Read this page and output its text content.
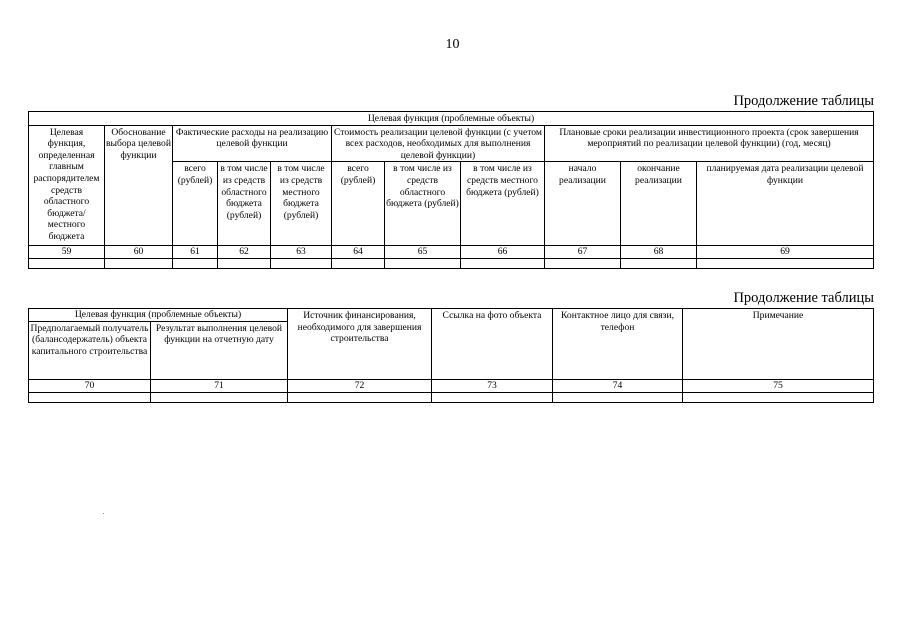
10
Продолжение таблицы
Целевая функция (проблемные объекты)										
Целевая функция, определенная главным распорядителем средств областного бюджета/ местного бюджета	Обоснование выбора целевой функции	Фактические расходы на реализацию целевой функции			Стоимость реализации целевой функции (с учетом всех расходов, необходимых для выполнения целевой функции)			Плановые сроки реализации инвестиционного проекта (срок завершения мероприятий по реализации целевой функции) (год, месяц)		
		всего (рублей)	в том числе из средств областного бюджета (рублей)	в том числе из средств местного бюджета (рублей)	всего (рублей)	в том числе из средств областного бюджета (рублей)	в том числе из средств местного бюджета (рублей)	начало реализации	окончание реализации	планируемая дата реализации целевой функции
59	60	61	62	63	64	65	66	67	68	69

Продолжение таблицы
Целевая функция (проблемные объекты)		Источник финансирования, необходимого для завершения строительства	Ссылка на фото объекта	Контактное лицо для связи, телефон	Примечание
Предполагаемый получатель (балансодержатель) объекта капитального строительства	Результат выполнения целевой функции на отчетную дату				
70	71	72	73	74	75
